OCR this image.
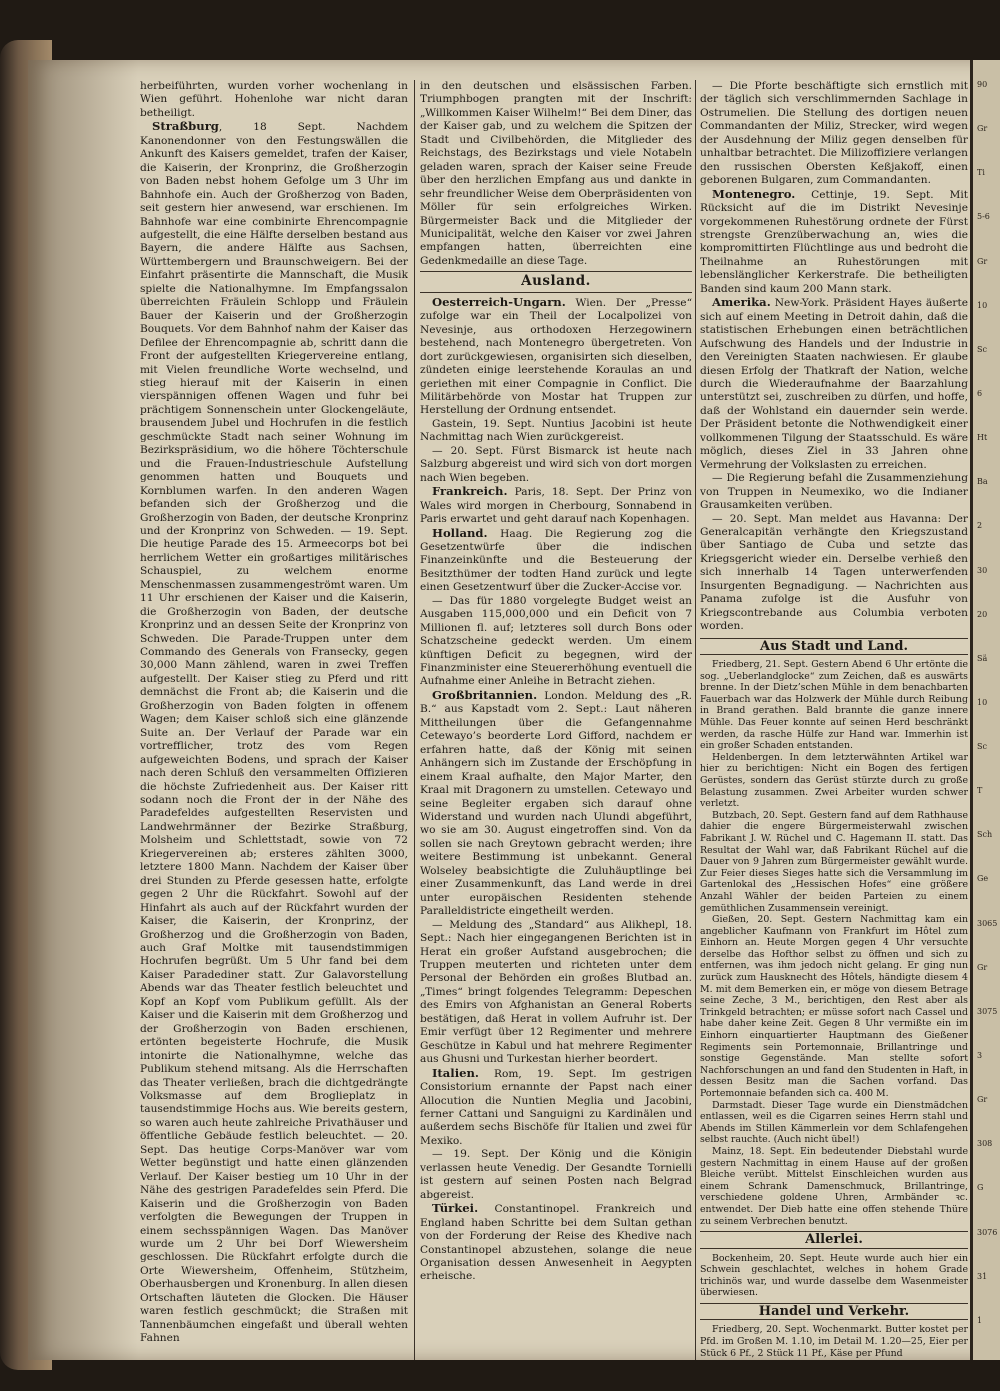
herbeiführten, wurden vorher wochenlang in Wien geführt. Hohenlohe war nicht daran betheiligt.

Straßburg, 18 Sept. Nachdem Kanonendonner von den Festungswällen die Ankunft des Kaisers gemeldet, trafen der Kaiser, die Kaiserin, der Kronprinz, die Großherzogin von Baden nebst hohem Gefolge um 3 Uhr im Bahnhofe ein. Auch der Großherzog von Baden, seit gestern hier anwesend, war erschienen. Im Bahnhofe war eine combinirte Ehrencompagnie aufgestellt, die eine Hälfte derselben bestand aus Bayern, die andere Hälfte aus Sachsen, Württembergern und Braunschweigern. Bei der Einfahrt präsentirte die Mannschaft, die Musik spielte die Nationalhymne. Im Empfangssalon überreichten Fräulein Schlopp und Fräulein Bauer der Kaiserin und der Großherzogin Bouquets. Vor dem Bahnhof nahm der Kaiser das Defilee der Ehrencompagnie ab, schritt dann die Front der aufgestellten Kriegervereine entlang, mit Vielen freundliche Worte wechselnd, und stieg hierauf mit der Kaiserin in einen vierspännigen offenen Wagen und fuhr bei prächtigem Sonnenschein unter Glockengeläute, brausendem Jubel und Hochrufen in die festlich geschmückte Stadt nach seiner Wohnung im Bezirkspräsidium, wo die höhere Töchterschule und die Frauen-Industrieschule Aufstellung genommen hatten und Bouquets und Kornblumen warfen. In den anderen Wagen befanden sich der Großherzog und die Großherzogin von Baden, der deutsche Kronprinz und der Kronprinz von Schweden. — 19. Sept. Die heutige Parade des 15. Armeecorps bot bei herrlichem Wetter ein großartiges militärisches Schauspiel, zu welchem enorme Menschenmassen zusammengeströmt waren. Um 11 Uhr erschienen der Kaiser und die Kaiserin, die Großherzogin von Baden, der deutsche Kronprinz und an dessen Seite der Kronprinz von Schweden. Die Parade-Truppen unter dem Commando des Generals von Fransecky, gegen 30,000 Mann zählend, waren in zwei Treffen aufgestellt. Der Kaiser stieg zu Pferd und ritt demnächst die Front ab; die Kaiserin und die Großherzogin von Baden folgten in offenem Wagen; dem Kaiser schloß sich eine glänzende Suite an. Der Verlauf der Parade war ein vortrefflicher, trotz des vom Regen aufgeweichten Bodens, und sprach der Kaiser nach deren Schluß den versammelten Offizieren die höchste Zufriedenheit aus. Der Kaiser ritt sodann noch die Front der in der Nähe des Paradefeldes aufgestellten Reservisten und Landwehrmänner der Bezirke Straßburg, Molsheim und Schlettstadt, sowie von 72 Kriegervereinen ab; ersteres zählten 3000, letztere 1800 Mann. Nachdem der Kaiser über drei Stunden zu Pferde gesessen hatte, erfolgte gegen 2 Uhr die Rückfahrt. Sowohl auf der Hinfahrt als auch auf der Rückfahrt wurden der Kaiser, die Kaiserin, der Kronprinz, der Großherzog und die Großherzogin von Baden, auch Graf Moltke mit tausendstimmigen Hochrufen begrüßt. Um 5 Uhr fand bei dem Kaiser Paradediner statt. Zur Galavorstellung Abends war das Theater festlich beleuchtet und Kopf an Kopf vom Publikum gefüllt. Als der Kaiser und die Kaiserin mit dem Großherzog und der Großherzogin von Baden erschienen, ertönten begeisterte Hochrufe, die Musik intonirte die Nationalhymne, welche das Publikum stehend mitsang. Als die Herrschaften das Theater verließen, brach die dichtgedrängte Volksmasse auf dem Broglieplatz in tausendstimmige Hochs aus. Wie bereits gestern, so waren auch heute zahlreiche Privathäuser und öffentliche Gebäude festlich beleuchtet. — 20. Sept. Das heutige Corps-Manöver war vom Wetter begünstigt und hatte einen glänzenden Verlauf. Der Kaiser bestieg um 10 Uhr in der Nähe des gestrigen Paradefeldes sein Pferd. Die Kaiserin und die Großherzogin von Baden verfolgten die Bewegungen der Truppen in einem sechsspännigen Wagen. Das Manöver wurde um 2 Uhr bei Dorf Wiewersheim geschlossen. Die Rückfahrt erfolgte durch die Orte Wiewersheim, Offenheim, Stützheim, Oberhausbergen und Kronenburg. In allen diesen Ortschaften läuteten die Glocken. Die Häuser waren festlich geschmückt; die Straßen mit Tannenbäumchen eingefaßt und überall wehten Fahnen

in den deutschen und elsässischen Farben. Triumphbogen prangten mit der Inschrift: „Willkommen Kaiser Wilhelm!“ Bei dem Diner, das der Kaiser gab, und zu welchem die Spitzen der Stadt und Civilbehörden, die Mitglieder des Reichstags, des Bezirkstags und viele Notabeln geladen waren, sprach der Kaiser seine Freude über den herzlichen Empfang aus und dankte in sehr freundlicher Weise dem Oberpräsidenten von Möller für sein erfolgreiches Wirken. Bürgermeister Back und die Mitglieder der Municipalität, welche den Kaiser vor zwei Jahren empfangen hatten, überreichten eine Gedenkmedaille an diese Tage.

Ausland.

Oesterreich-Ungarn. Wien. Der „Presse“ zufolge war ein Theil der Localpolizei von Nevesinje, aus orthodoxen Herzegowinern bestehend, nach Montenegro übergetreten. Von dort zurückgewiesen, organisirten sich dieselben, zündeten einige leerstehende Koraulas an und geriethen mit einer Compagnie in Conflict. Die Militärbehörde von Mostar hat Truppen zur Herstellung der Ordnung entsendet.

Gastein, 19. Sept. Nuntius Jacobini ist heute Nachmittag nach Wien zurückgereist.

— 20. Sept. Fürst Bismarck ist heute nach Salzburg abgereist und wird sich von dort morgen nach Wien begeben.

Frankreich. Paris, 18. Sept. Der Prinz von Wales wird morgen in Cherbourg, Sonnabend in Paris erwartet und geht darauf nach Kopenhagen.

Holland. Haag. Die Regierung zog die Gesetzentwürfe über die indischen Finanzeinkünfte und die Besteuerung der Besitzthümer der todten Hand zurück und legte einen Gesetzentwurf über die Zucker-Accise vor.

— Das für 1880 vorgelegte Budget weist an Ausgaben 115,000,000 und ein Deficit von 7 Millionen fl. auf; letzteres soll durch Bons oder Schatzscheine gedeckt werden. Um einem künftigen Deficit zu begegnen, wird der Finanzminister eine Steuererhöhung eventuell die Aufnahme einer Anleihe in Betracht ziehen.

Großbritannien. London. Meldung des „R. B.“ aus Kapstadt vom 2. Sept.: Laut näheren Mittheilungen über die Gefangennahme Cetewayo’s beorderte Lord Gifford, nachdem er erfahren hatte, daß der König mit seinen Anhängern sich im Zustande der Erschöpfung in einem Kraal aufhalte, den Major Marter, den Kraal mit Dragonern zu umstellen. Cetewayo und seine Begleiter ergaben sich darauf ohne Widerstand und wurden nach Ulundi abgeführt, wo sie am 30. August eingetroffen sind. Von da sollen sie nach Greytown gebracht werden; ihre weitere Bestimmung ist unbekannt. General Wolseley beabsichtigte die Zuluhäuptlinge bei einer Zusammenkunft, das Land werde in drei unter europäischen Residenten stehende Paralleldistricte eingetheilt werden.

— Meldung des „Standard“ aus Alikhepl, 18. Sept.: Nach hier eingegangenen Berichten ist in Herat ein großer Aufstand ausgebrochen; die Truppen meuterten und richteten unter dem Personal der Behörden ein großes Blutbad an. „Times“ bringt folgendes Telegramm: Depeschen des Emirs von Afghanistan an General Roberts bestätigen, daß Herat in vollem Aufruhr ist. Der Emir verfügt über 12 Regimenter und mehrere Geschütze in Kabul und hat mehrere Regimenter aus Ghusni und Turkestan hierher beordert.

Italien. Rom, 19. Sept. Im gestrigen Consistorium ernannte der Papst nach einer Allocution die Nuntien Meglia und Jacobini, ferner Cattani und Sanguigni zu Kardinälen und außerdem sechs Bischöfe für Italien und zwei für Mexiko.

— 19. Sept. Der König und die Königin verlassen heute Venedig. Der Gesandte Tornielli ist gestern auf seinen Posten nach Belgrad abgereist.

Türkei. Constantinopel. Frankreich und England haben Schritte bei dem Sultan gethan von der Forderung der Reise des Khedive nach Constantinopel abzustehen, solange die neue Organisation dessen Anwesenheit in Aegypten erheische.

— Die Pforte beschäftigte sich ernstlich mit der täglich sich verschlimmernden Sachlage in Ostrumelien. Die Stellung des dortigen neuen Commandanten der Miliz, Strecker, wird wegen der Ausdehnung der Miliz gegen denselben für unhaltbar betrachtet. Die Milizoffiziere verlangen den russischen Obersten Keßjakoff, einen geborenen Bulgaren, zum Commandanten.

Montenegro. Cettinje, 19. Sept. Mit Rücksicht auf die im Distrikt Nevesinje vorgekommenen Ruhestörung ordnete der Fürst strengste Grenzüberwachung an, wies die kompromittirten Flüchtlinge aus und bedroht die Theilnahme an Ruhestörungen mit lebenslänglicher Kerkerstrafe. Die betheiligten Banden sind kaum 200 Mann stark.

Amerika. New-York. Präsident Hayes äußerte sich auf einem Meeting in Detroit dahin, daß die statistischen Erhebungen einen beträchtlichen Aufschwung des Handels und der Industrie in den Vereinigten Staaten nachwiesen. Er glaube diesen Erfolg der Thatkraft der Nation, welche durch die Wiederaufnahme der Baarzahlung unterstützt sei, zuschreiben zu dürfen, und hoffe, daß der Wohlstand ein dauernder sein werde. Der Präsident betonte die Nothwendigkeit einer vollkommenen Tilgung der Staatsschuld. Es wäre möglich, dieses Ziel in 33 Jahren ohne Vermehrung der Volkslasten zu erreichen.

— Die Regierung befahl die Zusammenziehung von Truppen in Neumexiko, wo die Indianer Grausamkeiten verüben.

— 20. Sept. Man meldet aus Havanna: Der Generalcapitän verhängte den Kriegszustand über Santiago de Cuba und setzte das Kriegsgericht wieder ein. Derselbe verhieß den sich innerhalb 14 Tagen unterwerfenden Insurgenten Begnadigung. — Nachrichten aus Panama zufolge ist die Ausfuhr von Kriegscontrebande aus Columbia verboten worden.

Aus Stadt und Land.

Friedberg, 21. Sept. Gestern Abend 6 Uhr ertönte die sog. „Ueberlandglocke“ zum Zeichen, daß es auswärts brenne. In der Dietz’schen Mühle in dem benachbarten Fauerbach war das Holzwerk der Mühle durch Reibung in Brand gerathen. Bald brannte die ganze innere Mühle. Das Feuer konnte auf seinen Herd beschränkt werden, da rasche Hülfe zur Hand war. Immerhin ist ein großer Schaden entstanden.

Heldenbergen. In dem letzterwähnten Artikel war hier zu berichtigen: Nicht ein Bogen des fertigen Gerüstes, sondern das Gerüst stürzte durch zu große Belastung zusammen. Zwei Arbeiter wurden schwer verletzt.

Butzbach, 20. Sept. Gestern fand auf dem Rathhause dahier die engere Bürgermeisterwahl zwischen Fabrikant J. W. Rüchel und C. Hagemann II. statt. Das Resultat der Wahl war, daß Fabrikant Rüchel auf die Dauer von 9 Jahren zum Bürgermeister gewählt wurde. Zur Feier dieses Sieges hatte sich die Versammlung im Gartenlokal des „Hessischen Hofes“ eine größere Anzahl Wähler der beiden Parteien zu einem gemüthlichen Zusammensein vereinigt.

Gießen, 20. Sept. Gestern Nachmittag kam ein angeblicher Kaufmann von Frankfurt im Hôtel zum Einhorn an. Heute Morgen gegen 4 Uhr versuchte derselbe das Hofthor selbst zu öffnen und sich zu entfernen, was ihm jedoch nicht gelang. Er ging nun zurück zum Hausknecht des Hôtels, händigte diesem 4 M. mit dem Bemerken ein, er möge von diesem Betrage seine Zeche, 3 M., berichtigen, den Rest aber als Trinkgeld betrachten; er müsse sofort nach Cassel und habe daher keine Zeit. Gegen 8 Uhr vermißte ein im Einhorn einquartierter Hauptmann des Gießener Regiments sein Portemonnaie, Brillantringe und sonstige Gegenstände. Man stellte sofort Nachforschungen an und fand den Studenten in Haft, in dessen Besitz man die Sachen vorfand. Das Portemonnaie befanden sich ca. 400 M.

Darmstadt. Dieser Tage wurde ein Dienstmädchen entlassen, weil es die Cigarren seines Herrn stahl und Abends im Stillen Kämmerlein vor dem Schlafengehen selbst rauchte. (Auch nicht übel!)

Mainz, 18. Sept. Ein bedeutender Diebstahl wurde gestern Nachmittag in einem Hause auf der großen Bleiche verübt. Mittelst Einschleichen wurden aus einem Schrank Damenschmuck, Brillantringe, verschiedene goldene Uhren, Armbänder ꝛc. entwendet. Der Dieb hatte eine offen stehende Thüre zu seinem Verbrechen benutzt.

Allerlei.

Bockenheim, 20. Sept. Heute wurde auch hier ein Schwein geschlachtet, welches in hohem Grade trichinös war, und wurde dasselbe dem Wasenmeister überwiesen.

Handel und Verkehr.

Friedberg, 20. Sept. Wochenmarkt. Butter kostet per Pfd. im Großen M. 1.10, im Detail M. 1.20—25, Eier per Stück 6 Pf., 2 Stück 11 Pf., Käse per Pfund

90
Gr
Ti
5-6
Gr
10
Sc
6
Ht
Ba
2
30
20
Sä
10
Sc
T
Sch
Ge
3065
Gr
3075
3
Gr
308
G
3076
31
1
